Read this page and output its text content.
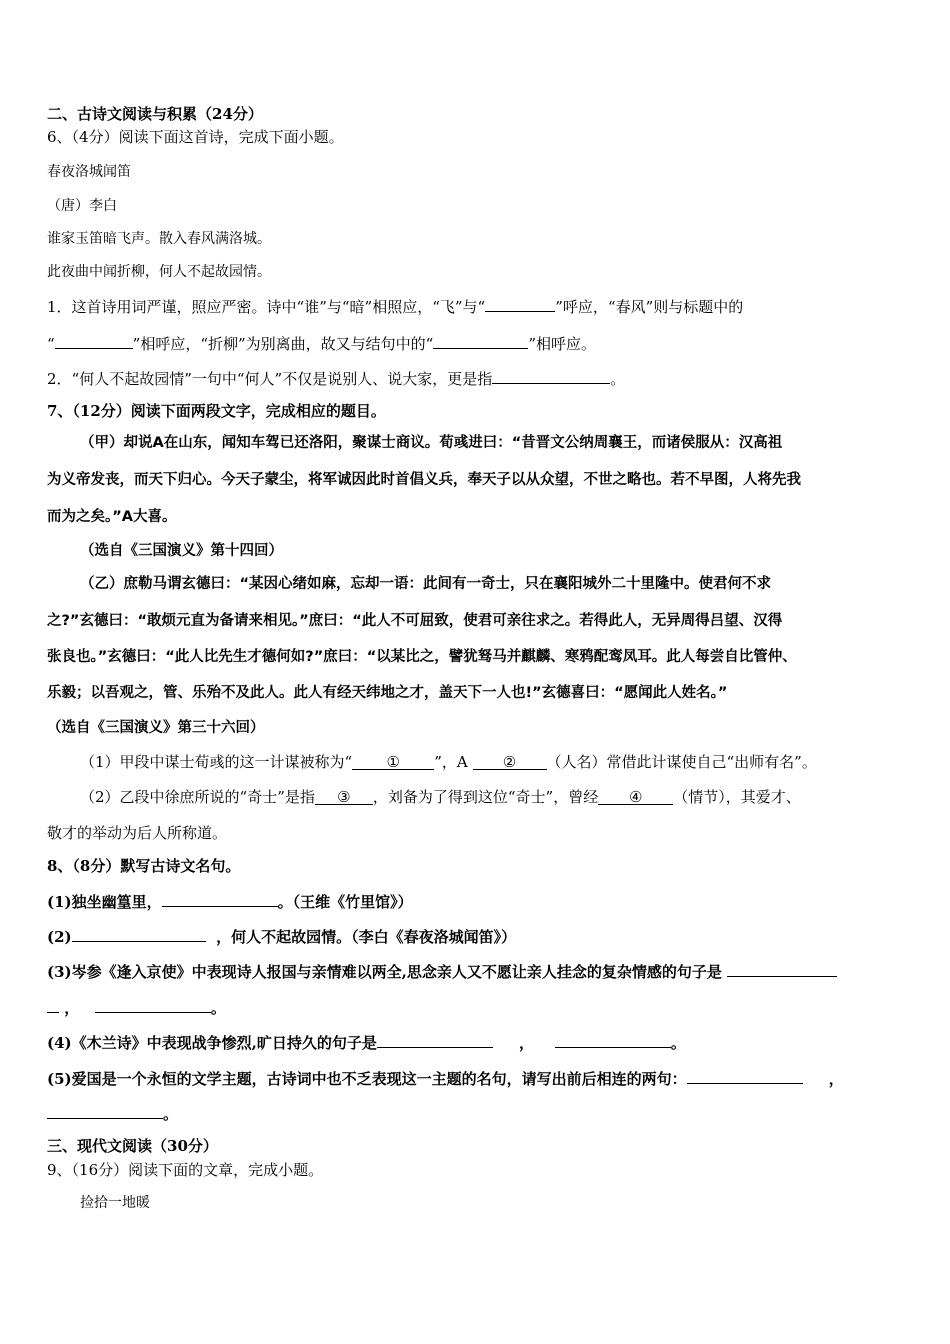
二、古诗文阅读与积累（24分）
6、（4分）阅读下面这首诗，完成下面小题。
春夜洛城闻笛
（唐）李白
谁家玉笛暗飞声。散入春风满洛城。
此夜曲中闻折柳，何人不起故园情。
1．这首诗用词严谨，照应严密。诗中“谁”与“暗”相照应，“飞”与“	”呼应，“春风”则与标题中的
“	”相呼应，“折柳”为别离曲，故又与结句中的“	”相呼应。
2．“何人不起故园情”一句中“何人”不仅是说别人、说大家，更是指	。
7、（12分）阅读下面两段文字，完成相应的题目。
（甲）却说A在山东，闻知车驾已还洛阳，聚谋士商议。荀彧进曰：“昔晋文公纳周襄王，而诸侯服从：汉高祖
为义帝发丧，而天下归心。今天子蒙尘，将军诚因此时首倡义兵，奉天子以从众望，不世之略也。若不早图，人将先我
而为之矣。”A大喜。
（选自《三国演义》第十四回）
（乙）庶勒马谓玄德曰：“某因心绪如麻，忘却一语：此间有一奇士，只在襄阳城外二十里隆中。使君何不求
之?”玄德曰：“敢烦元直为备请来相见。”庶曰：“此人不可屈致，使君可亲往求之。若得此人，无异周得吕望、汉得
张良也。”玄德曰：“此人比先生才德何如?”庶曰：“以某比之，譬犹驽马并麒麟、寒鸦配鸾凤耳。此人每尝自比管仲、
乐毅；以吾观之，管、乐殆不及此人。此人有经天纬地之才，盖天下一人也!”玄德喜曰：“愿闻此人姓名。”
（选自《三国演义》第三十六回）
（1）甲段中谋士荀彧的这一计谋被称为“ ① ”，A ② （人名）常借此计谋使自己“出师有名”。
（2）乙段中徐庶所说的“奇士”是指 ③ ，刘备为了得到这位“奇士”，曾经 ④ （情节），其爱才、
敬才的举动为后人所称道。
8、（8分）默写古诗文名句。
(1)独坐幽篁里，	。（王维《竹里馆》）
(2)	，何人不起故园情。（李白《春夜洛城闻笛》）
(3)岑参《逢入京使》中表现诗人报国与亲情难以两全,思念亲人又不愿让亲人挂念的复杂情感的句子是
，	。
(4)《木兰诗》中表现战争惨烈,旷日持久的句子是	，	。
(5)爱国是一个永恒的文学主题，古诗词中也不乏表现这一主题的名句，请写出前后相连的两句：	，
。
三、现代文阅读（30分）
9、（16分）阅读下面的文章，完成小题。
捡拾一地暖
